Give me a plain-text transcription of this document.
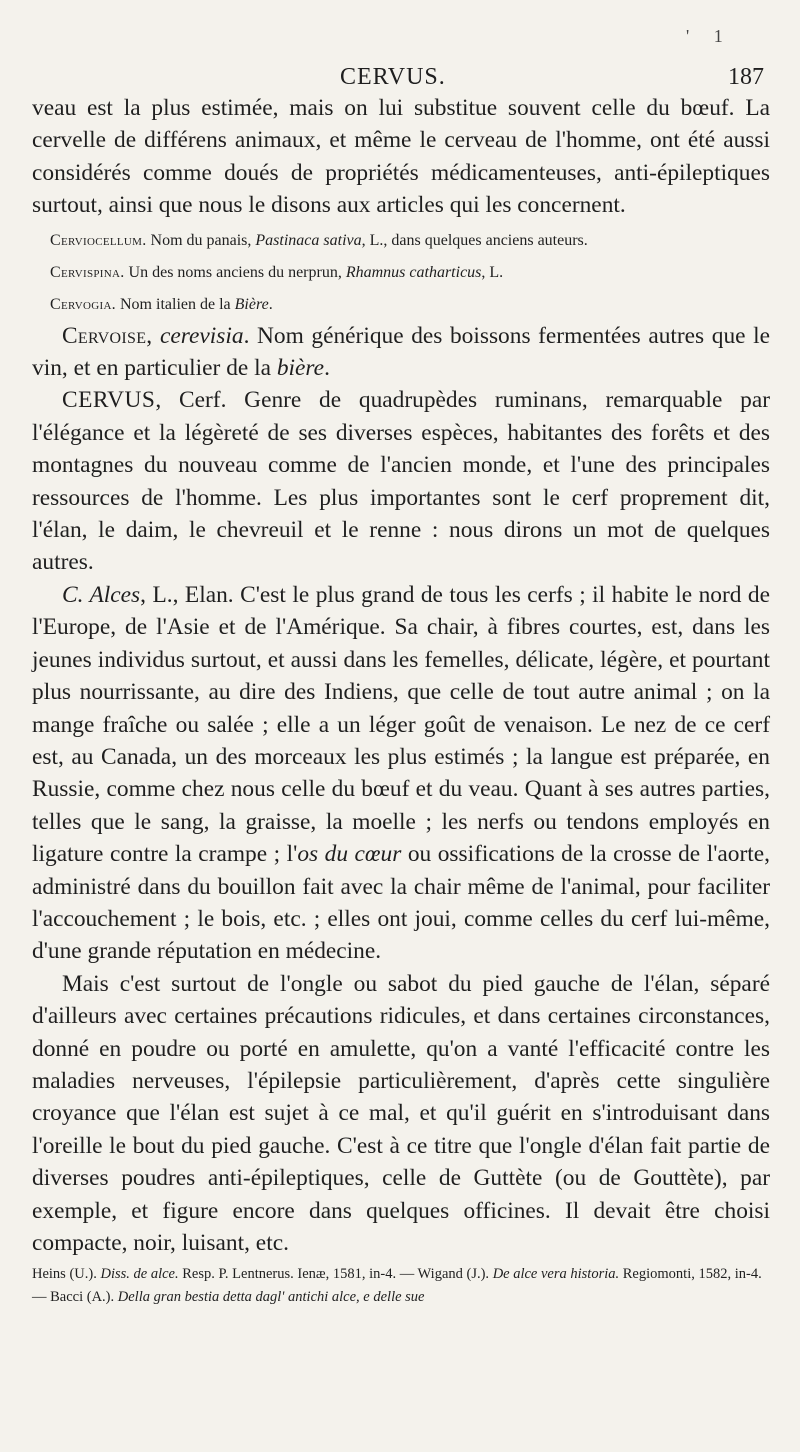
' 1
CERVUS.	187

veau est la plus estimée, mais on lui substitue souvent celle du bœuf. La cervelle de différens animaux, et même le cerveau de l'homme, ont été aussi considérés comme doués de propriétés médicamenteuses, anti-épileptiques surtout, ainsi que nous le disons aux articles qui les concernent.

Cerviocellum. Nom du panais, Pastinaca sativa, L., dans quelques anciens auteurs.

Cervispina. Un des noms anciens du nerprun, Rhamnus catharticus, L.

Cervogia. Nom italien de la Bière.

Cervoise, cerevisia. Nom générique des boissons fermentées autres que le vin, et en particulier de la bière.

CERVUS, Cerf. Genre de quadrupèdes ruminans, remarquable par l'élégance et la légèreté de ses diverses espèces, habitantes des forêts et des montagnes du nouveau comme de l'ancien monde, et l'une des principales ressources de l'homme. Les plus importantes sont le cerf proprement dit, l'élan, le daim, le chevreuil et le renne : nous dirons un mot de quelques autres.

C. Alces, L., Elan. C'est le plus grand de tous les cerfs ; il habite le nord de l'Europe, de l'Asie et de l'Amérique. Sa chair, à fibres courtes, est, dans les jeunes individus surtout, et aussi dans les femelles, délicate, légère, et pourtant plus nourrissante, au dire des Indiens, que celle de tout autre animal ; on la mange fraîche ou salée ; elle a un léger goût de venaison. Le nez de ce cerf est, au Canada, un des morceaux les plus estimés ; la langue est préparée, en Russie, comme chez nous celle du bœuf et du veau. Quant à ses autres parties, telles que le sang, la graisse, la moelle ; les nerfs ou tendons employés en ligature contre la crampe ; l'os du cœur ou ossifications de la crosse de l'aorte, administré dans du bouillon fait avec la chair même de l'animal, pour faciliter l'accouchement ; le bois, etc. ; elles ont joui, comme celles du cerf lui-même, d'une grande réputation en médecine.

Mais c'est surtout de l'ongle ou sabot du pied gauche de l'élan, séparé d'ailleurs avec certaines précautions ridicules, et dans certaines circonstances, donné en poudre ou porté en amulette, qu'on a vanté l'efficacité contre les maladies nerveuses, l'épilepsie particulièrement, d'après cette singulière croyance que l'élan est sujet à ce mal, et qu'il guérit en s'introduisant dans l'oreille le bout du pied gauche. C'est à ce titre que l'ongle d'élan fait partie de diverses poudres anti-épileptiques, celle de Guttète (ou de Gouttète), par exemple, et figure encore dans quelques officines. Il devait être choisi compacte, noir, luisant, etc.

Heins (U.). Diss. de alce. Resp. P. Lentnerus. Ienæ, 1581, in-4. — Wigand (J.). De alce vera historia. Regiomonti, 1582, in-4. — Bacci (A.). Della gran bestia detta dagl' antichi alce, e delle sue
